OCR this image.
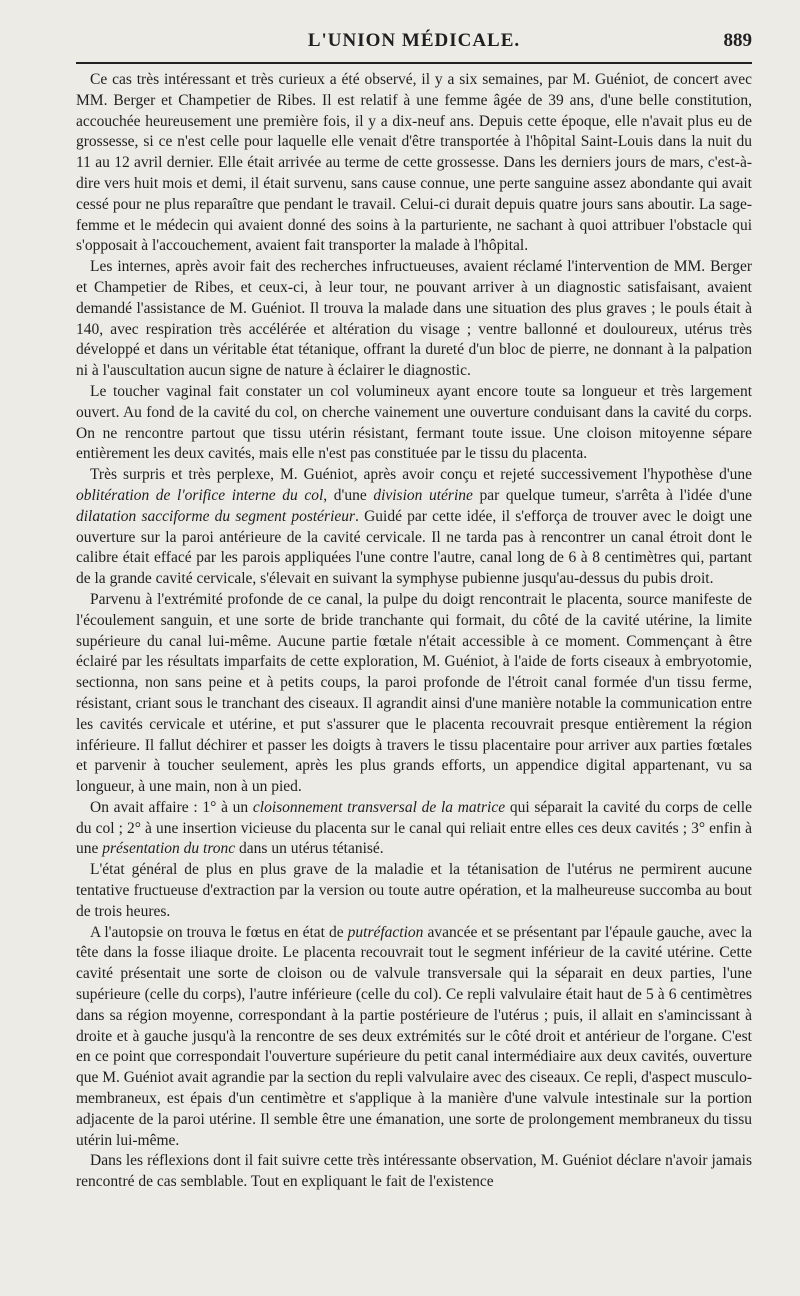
L'UNION MÉDICALE.	889

Ce cas très intéressant et très curieux a été observé, il y a six semaines, par M. Guéniot, de concert avec MM. Berger et Champetier de Ribes. Il est relatif à une femme âgée de 39 ans, d'une belle constitution, accouchée heureusement une première fois, il y a dix-neuf ans. Depuis cette époque, elle n'avait plus eu de grossesse, si ce n'est celle pour laquelle elle venait d'être transportée à l'hôpital Saint-Louis dans la nuit du 11 au 12 avril dernier. Elle était arrivée au terme de cette grossesse. Dans les derniers jours de mars, c'est-à-dire vers huit mois et demi, il était survenu, sans cause connue, une perte sanguine assez abondante qui avait cessé pour ne plus reparaître que pendant le travail. Celui-ci durait depuis quatre jours sans aboutir. La sage-femme et le médecin qui avaient donné des soins à la parturiente, ne sachant à quoi attribuer l'obstacle qui s'opposait à l'accouchement, avaient fait transporter la malade à l'hôpital.

Les internes, après avoir fait des recherches infructueuses, avaient réclamé l'intervention de MM. Berger et Champetier de Ribes, et ceux-ci, à leur tour, ne pouvant arriver à un diagnostic satisfaisant, avaient demandé l'assistance de M. Guéniot. Il trouva la malade dans une situation des plus graves ; le pouls était à 140, avec respiration très accélérée et altération du visage ; ventre ballonné et douloureux, utérus très développé et dans un véritable état tétanique, offrant la dureté d'un bloc de pierre, ne donnant à la palpation ni à l'auscultation aucun signe de nature à éclairer le diagnostic.

Le toucher vaginal fait constater un col volumineux ayant encore toute sa longueur et très largement ouvert. Au fond de la cavité du col, on cherche vainement une ouverture conduisant dans la cavité du corps. On ne rencontre partout que tissu utérin résistant, fermant toute issue. Une cloison mitoyenne sépare entièrement les deux cavités, mais elle n'est pas constituée par le tissu du placenta.

Très surpris et très perplexe, M. Guéniot, après avoir conçu et rejeté successivement l'hypothèse d'une oblitération de l'orifice interne du col, d'une division utérine par quelque tumeur, s'arrêta à l'idée d'une dilatation sacciforme du segment postérieur. Guidé par cette idée, il s'efforça de trouver avec le doigt une ouverture sur la paroi antérieure de la cavité cervicale. Il ne tarda pas à rencontrer un canal étroit dont le calibre était effacé par les parois appliquées l'une contre l'autre, canal long de 6 à 8 centimètres qui, partant de la grande cavité cervicale, s'élevait en suivant la symphyse pubienne jusqu'au-dessus du pubis droit.

Parvenu à l'extrémité profonde de ce canal, la pulpe du doigt rencontrait le placenta, source manifeste de l'écoulement sanguin, et une sorte de bride tranchante qui formait, du côté de la cavité utérine, la limite supérieure du canal lui-même. Aucune partie fœtale n'était accessible à ce moment. Commençant à être éclairé par les résultats imparfaits de cette exploration, M. Guéniot, à l'aide de forts ciseaux à embryotomie, sectionna, non sans peine et à petits coups, la paroi profonde de l'étroit canal formée d'un tissu ferme, résistant, criant sous le tranchant des ciseaux. Il agrandit ainsi d'une manière notable la communication entre les cavités cervicale et utérine, et put s'assurer que le placenta recouvrait presque entièrement la région inférieure. Il fallut déchirer et passer les doigts à travers le tissu placentaire pour arriver aux parties fœtales et parvenir à toucher seulement, après les plus grands efforts, un appendice digital appartenant, vu sa longueur, à une main, non à un pied.

On avait affaire : 1° à un cloisonnement transversal de la matrice qui séparait la cavité du corps de celle du col ; 2° à une insertion vicieuse du placenta sur le canal qui reliait entre elles ces deux cavités ; 3° enfin à une présentation du tronc dans un utérus tétanisé.

L'état général de plus en plus grave de la maladie et la tétanisation de l'utérus ne permirent aucune tentative fructueuse d'extraction par la version ou toute autre opération, et la malheureuse succomba au bout de trois heures.

A l'autopsie on trouva le fœtus en état de putréfaction avancée et se présentant par l'épaule gauche, avec la tête dans la fosse iliaque droite. Le placenta recouvrait tout le segment inférieur de la cavité utérine. Cette cavité présentait une sorte de cloison ou de valvule transversale qui la séparait en deux parties, l'une supérieure (celle du corps), l'autre inférieure (celle du col). Ce repli valvulaire était haut de 5 à 6 centimètres dans sa région moyenne, correspondant à la partie postérieure de l'utérus ; puis, il allait en s'amincissant à droite et à gauche jusqu'à la rencontre de ses deux extrémités sur le côté droit et antérieur de l'organe. C'est en ce point que correspondait l'ouverture supérieure du petit canal intermédiaire aux deux cavités, ouverture que M. Guéniot avait agrandie par la section du repli valvulaire avec des ciseaux. Ce repli, d'aspect musculo-membraneux, est épais d'un centimètre et s'applique à la manière d'une valvule intestinale sur la portion adjacente de la paroi utérine. Il semble être une émanation, une sorte de prolongement membraneux du tissu utérin lui-même.

Dans les réflexions dont il fait suivre cette très intéressante observation, M. Guéniot déclare n'avoir jamais rencontré de cas semblable. Tout en expliquant le fait de l'existence
